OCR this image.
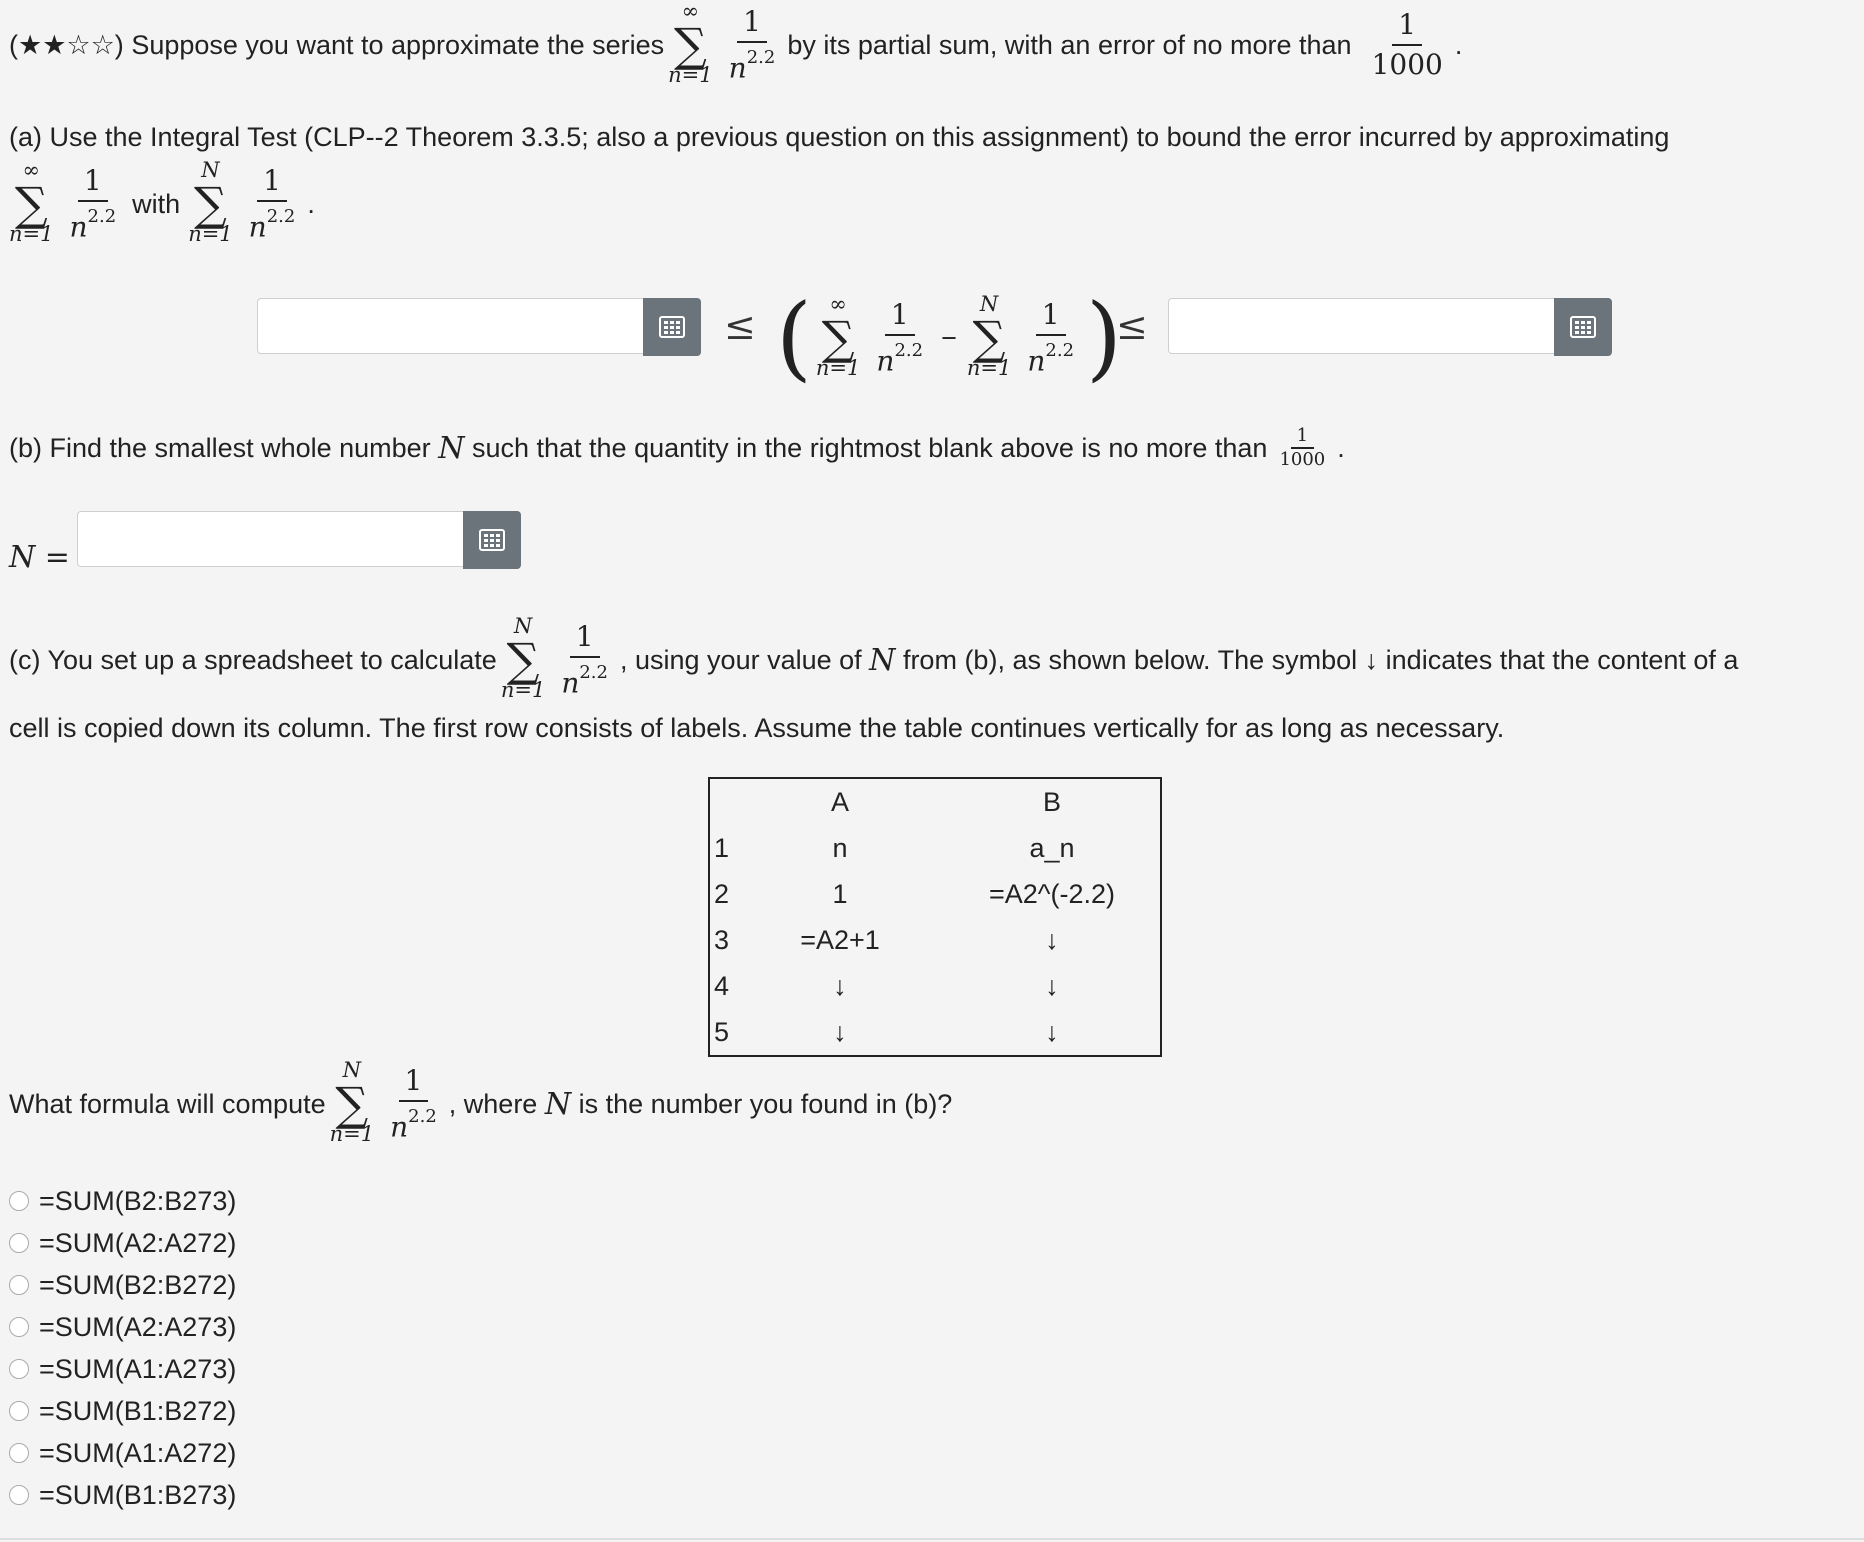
(★★☆☆)
Suppose you want to approximate the series
∞
∑
$n=1 \frac{1}{n^{2.2}}$ by its partial sum, with an error of no more than $\frac{1}{1000}$ .
(a) Use the Integral Test (CLP--2 Theorem 3.3.5; also a previous question on this assignment) to bound the error incurred by approximating
∞
∑
$n=1 \frac{1}{n^{2.2}}$ with
N
∑
$n=1 \frac{1}{n^{2.2}}$ .
≤ ( ∞
∑
$n=1 \frac{1}{n^{2.2}}$ −
N
∑
$n=1 \frac{1}{n^{2.2}}$ )
≤
(b) Find the smallest whole number
N
such that the quantity in the rightmost blank above is no more than $\frac{1}{1000}$ .
N =
(c) You set up a spreadsheet to calculate
N
∑
$n=1 \frac{1}{n^{2.2}}$ , using your value of
N
from (b), as shown below. The symbol
↓
indicates that the content of a
cell is copied down its column. The first row consists of labels. Assume the table continues vertically for as long as necessary.
	A	B
1	n	a_n
2	1	=A2^(-2.2)
3	=A2+1	↓
4	↓	↓
5	↓	↓
What formula will compute
N
∑
$n=1 \frac{1}{n^{2.2}}$ , where
N
is the number you found in (b)?
=SUM(B2:B273)
=SUM(A2:A272)
=SUM(B2:B272)
=SUM(A2:A273)
=SUM(A1:A273)
=SUM(B1:B272)
=SUM(A1:A272)
=SUM(B1:B273)
